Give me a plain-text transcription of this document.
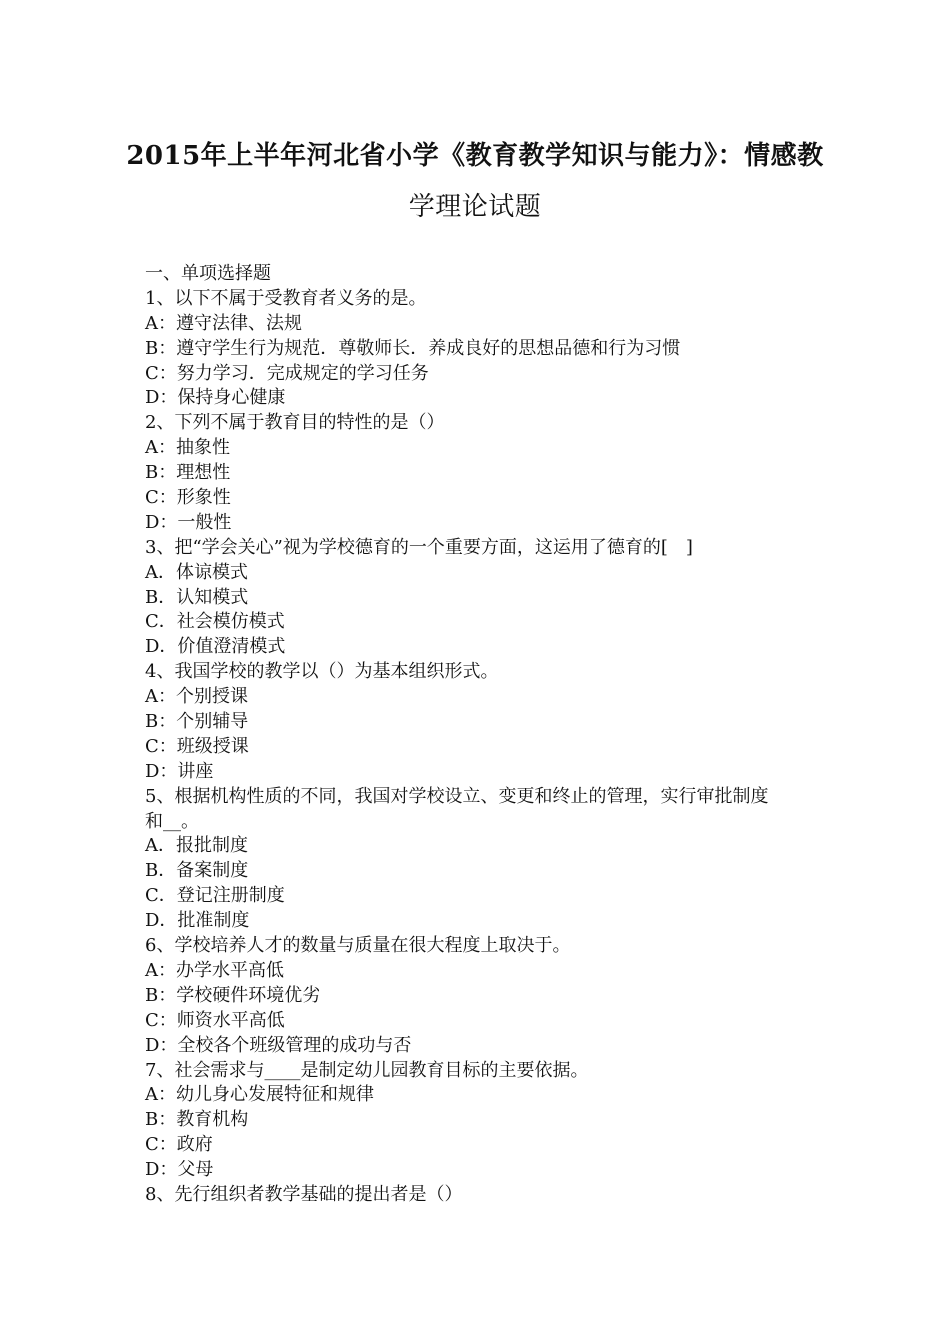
2015年上半年河北省小学《教育教学知识与能力》：情感教
学理论试题
一、单项选择题
1、以下不属于受教育者义务的是。
A：遵守法律、法规
B：遵守学生行为规范．尊敬师长．养成良好的思想品德和行为习惯
C：努力学习．完成规定的学习任务
D：保持身心健康
2、下列不属于教育目的特性的是（）
A：抽象性
B：理想性
C：形象性
D：一般性
3、把“学会关心”视为学校德育的一个重要方面，这运用了德育的[　]
A．体谅模式
B．认知模式
C．社会模仿模式
D．价值澄清模式
4、我国学校的教学以（）为基本组织形式。
A：个别授课
B：个别辅导
C：班级授课
D：讲座
5、根据机构性质的不同，我国对学校设立、变更和终止的管理，实行审批制度
和__。
A．报批制度
B．备案制度
C．登记注册制度
D．批准制度
6、学校培养人才的数量与质量在很大程度上取决于。
A：办学水平高低
B：学校硬件环境优劣
C：师资水平高低
D：全校各个班级管理的成功与否
7、社会需求与____是制定幼儿园教育目标的主要依据。
A：幼儿身心发展特征和规律
B：教育机构
C：政府
D：父母
8、先行组织者教学基础的提出者是（）
